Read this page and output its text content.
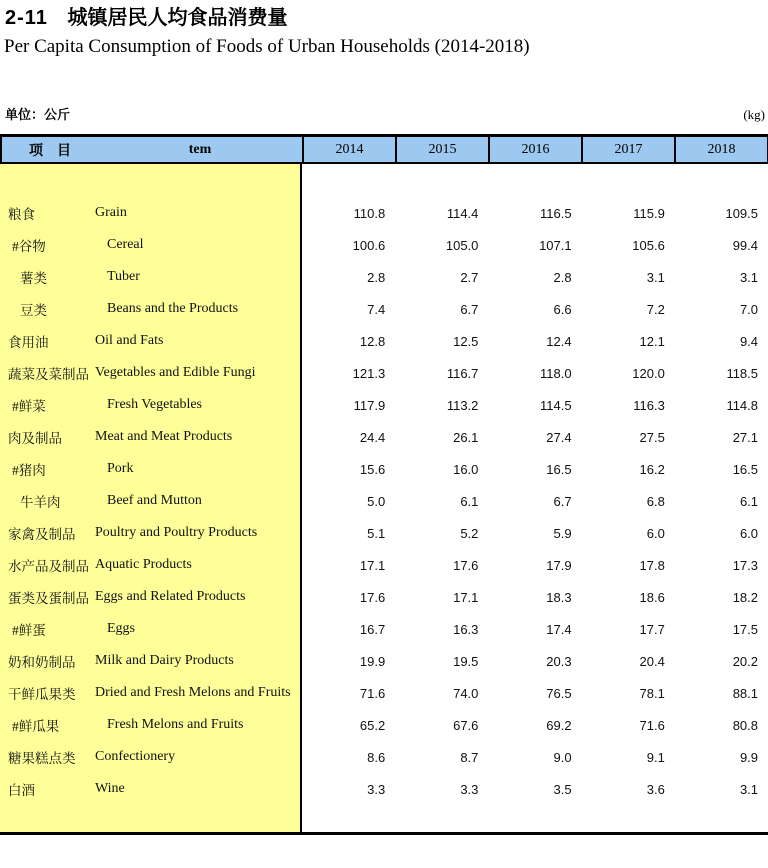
2-11 城镇居民人均食品消费量
Per Capita Consumption of Foods of Urban Households (2014-2018)
单位：公斤	(kg)
项　目	tem	2014	2015	2016	2017	2018
粮食	Grain	110.8	114.4	116.5	115.9	109.5
#谷物	Cereal	100.6	105.0	107.1	105.6	99.4
薯类	Tuber	2.8	2.7	2.8	3.1	3.1
豆类	Beans and the Products	7.4	6.7	6.6	7.2	7.0
食用油	Oil and Fats	12.8	12.5	12.4	12.1	9.4
蔬菜及菜制品 Vegetables and Edible Fungi	121.3	116.7	118.0	120.0	118.5
#鲜菜	Fresh Vegetables	117.9	113.2	114.5	116.3	114.8
肉及制品	Meat and Meat Products	24.4	26.1	27.4	27.5	27.1
#猪肉	Pork	15.6	16.0	16.5	16.2	16.5
牛羊肉	Beef and Mutton	5.0	6.1	6.7	6.8	6.1
家禽及制品	Poultry and Poultry Products	5.1	5.2	5.9	6.0	6.0
水产品及制品 Aquatic Products	17.1	17.6	17.9	17.8	17.3
蛋类及蛋制品 Eggs and Related Products	17.6	17.1	18.3	18.6	18.2
#鲜蛋	Eggs	16.7	16.3	17.4	17.7	17.5
奶和奶制品	Milk and Dairy Products	19.9	19.5	20.3	20.4	20.2
干鲜瓜果类	Dried and Fresh Melons and Fruits	71.6	74.0	76.5	78.1	88.1
#鲜瓜果	Fresh Melons and Fruits	65.2	67.6	69.2	71.6	80.8
糖果糕点类	Confectionery	8.6	8.7	9.0	9.1	9.9
白酒	Wine	3.3	3.3	3.5	3.6	3.1
